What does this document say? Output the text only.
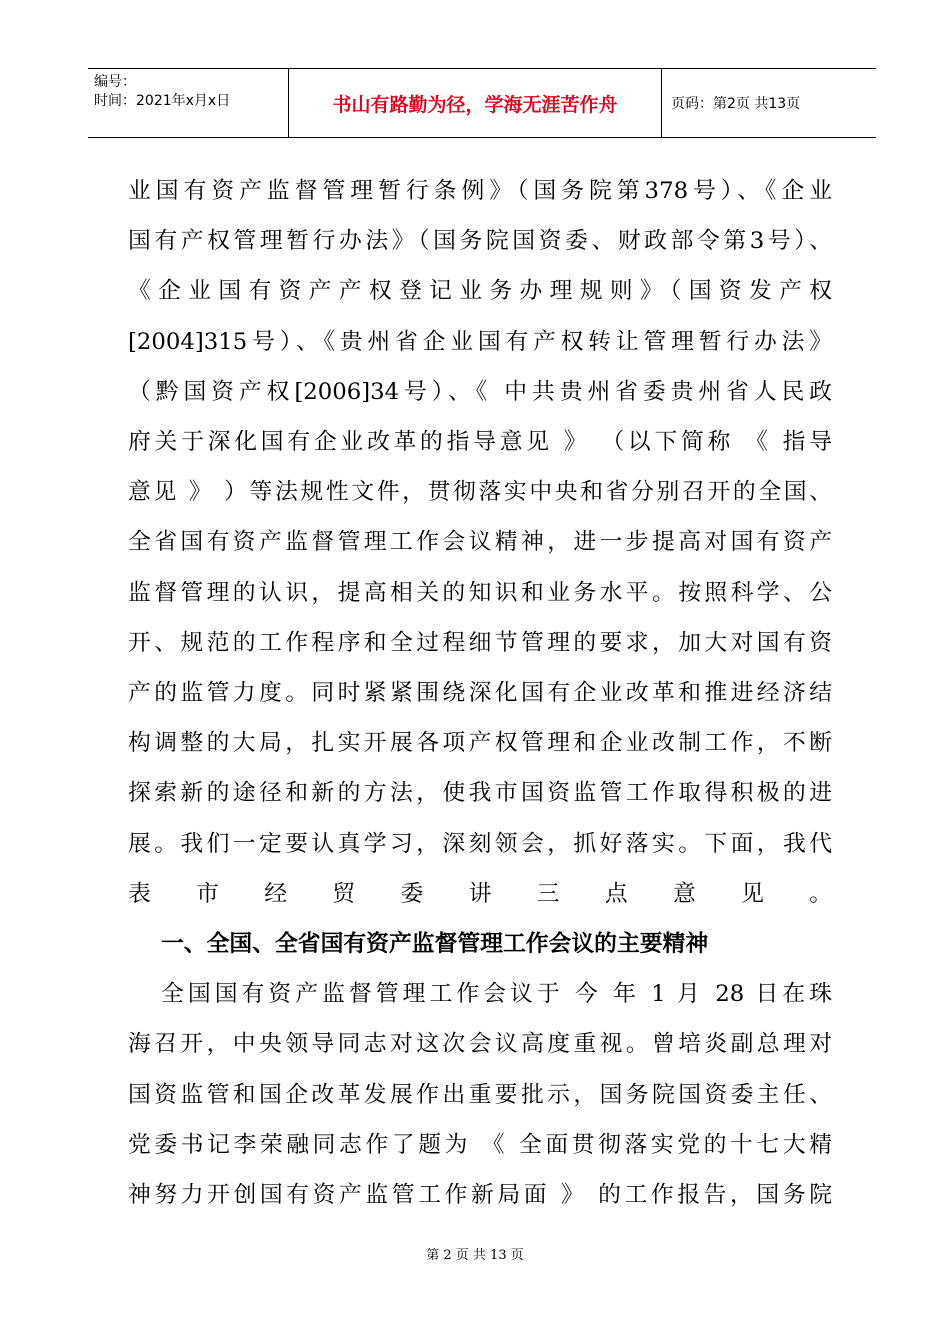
编号：
时间：2021年x月x日	书山有路勤为径，学海无涯苦作舟	页码：第2页 共13页
业国有资产监督管理暂行条例》（国务院第378号）、《企业
国有产权管理暂行办法》（国务院国资委、财政部令第3号）、
《企业国有资产产权登记业务办理规则》（国资发产权
[2004]315号）、《贵州省企业国有产权转让管理暂行办法》
（黔国资产权[2006]34号）、《 中共贵州省委贵州省人民政
府关于深化国有企业改革的指导意见 》 （以下简称 《 指导
意见 》 ）等法规性文件，贯彻落实中央和省分别召开的全国、
全省国有资产监督管理工作会议精神，进一步提高对国有资产
监督管理的认识，提高相关的知识和业务水平。按照科学、公
开、规范的工作程序和全过程细节管理的要求，加大对国有资
产的监管力度。同时紧紧围绕深化国有企业改革和推进经济结
构调整的大局，扎实开展各项产权管理和企业改制工作，不断
探索新的途径和新的方法，使我市国资监管工作取得积极的进
展。我们一定要认真学习，深刻领会，抓好落实。下面，我代
表市经贸委讲三点意见。
一、全国、全省国有资产监督管理工作会议的主要精神
全国国有资产监督管理工作会议于 今 年 1 月 28 日在珠
海召开，中央领导同志对这次会议高度重视。曾培炎副总理对
国资监管和国企改革发展作出重要批示，国务院国资委主任、
党委书记李荣融同志作了题为 《 全面贯彻落实党的十七大精
神努力开创国有资产监管工作新局面 》 的工作报告，国务院
第 2 页 共 13 页
